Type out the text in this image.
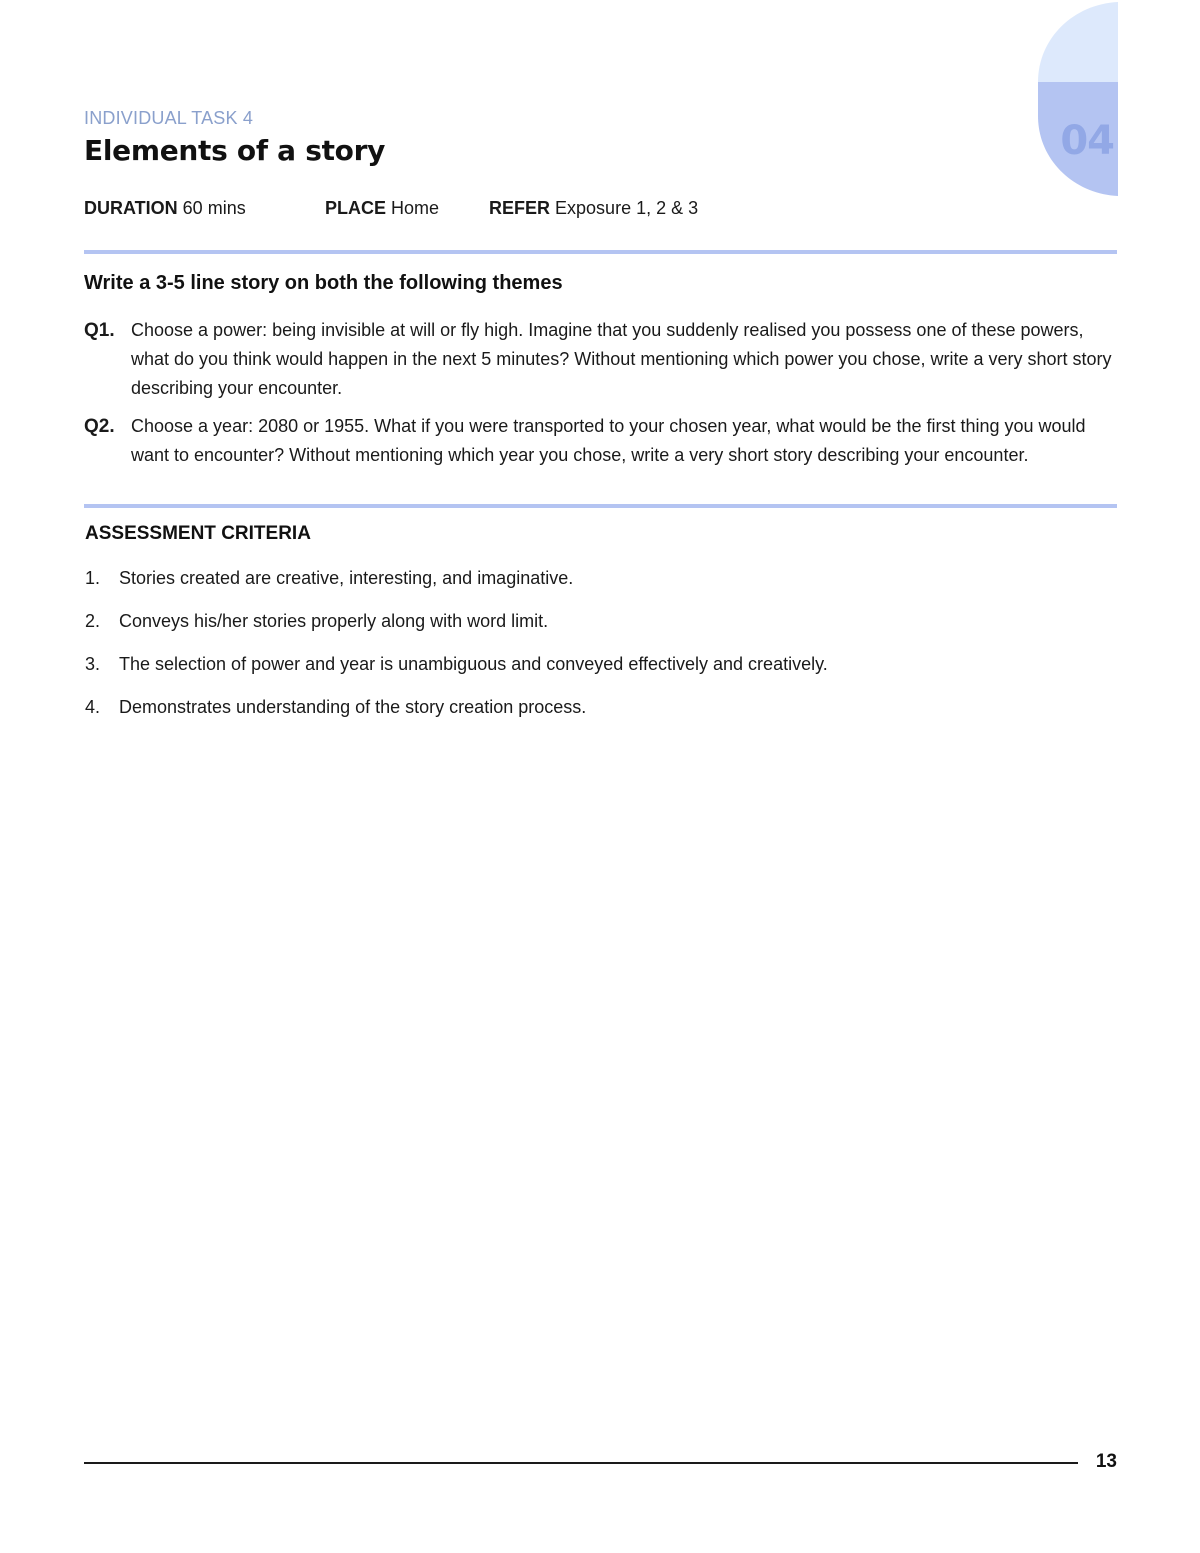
04
INDIVIDUAL TASK 4
Elements of a story
DURATION 60 mins	PLACE Home	REFER Exposure 1, 2 & 3
Write a 3-5 line story on both the following themes
Q1. Choose a power: being invisible at will or fly high. Imagine that you suddenly realised you possess one of these powers, what do you think would happen in the next 5 minutes? Without mentioning which power you chose, write a very short story describing your encounter.
Q2. Choose a year: 2080 or 1955. What if you were transported to your chosen year, what would be the first thing you would want to encounter? Without mentioning which year you chose, write a very short story describing your encounter.
ASSESSMENT CRITERIA
1. Stories created are creative, interesting, and imaginative.
2. Conveys his/her stories properly along with word limit.
3. The selection of power and year is unambiguous and conveyed effectively and creatively.
4. Demonstrates understanding of the story creation process.
13
